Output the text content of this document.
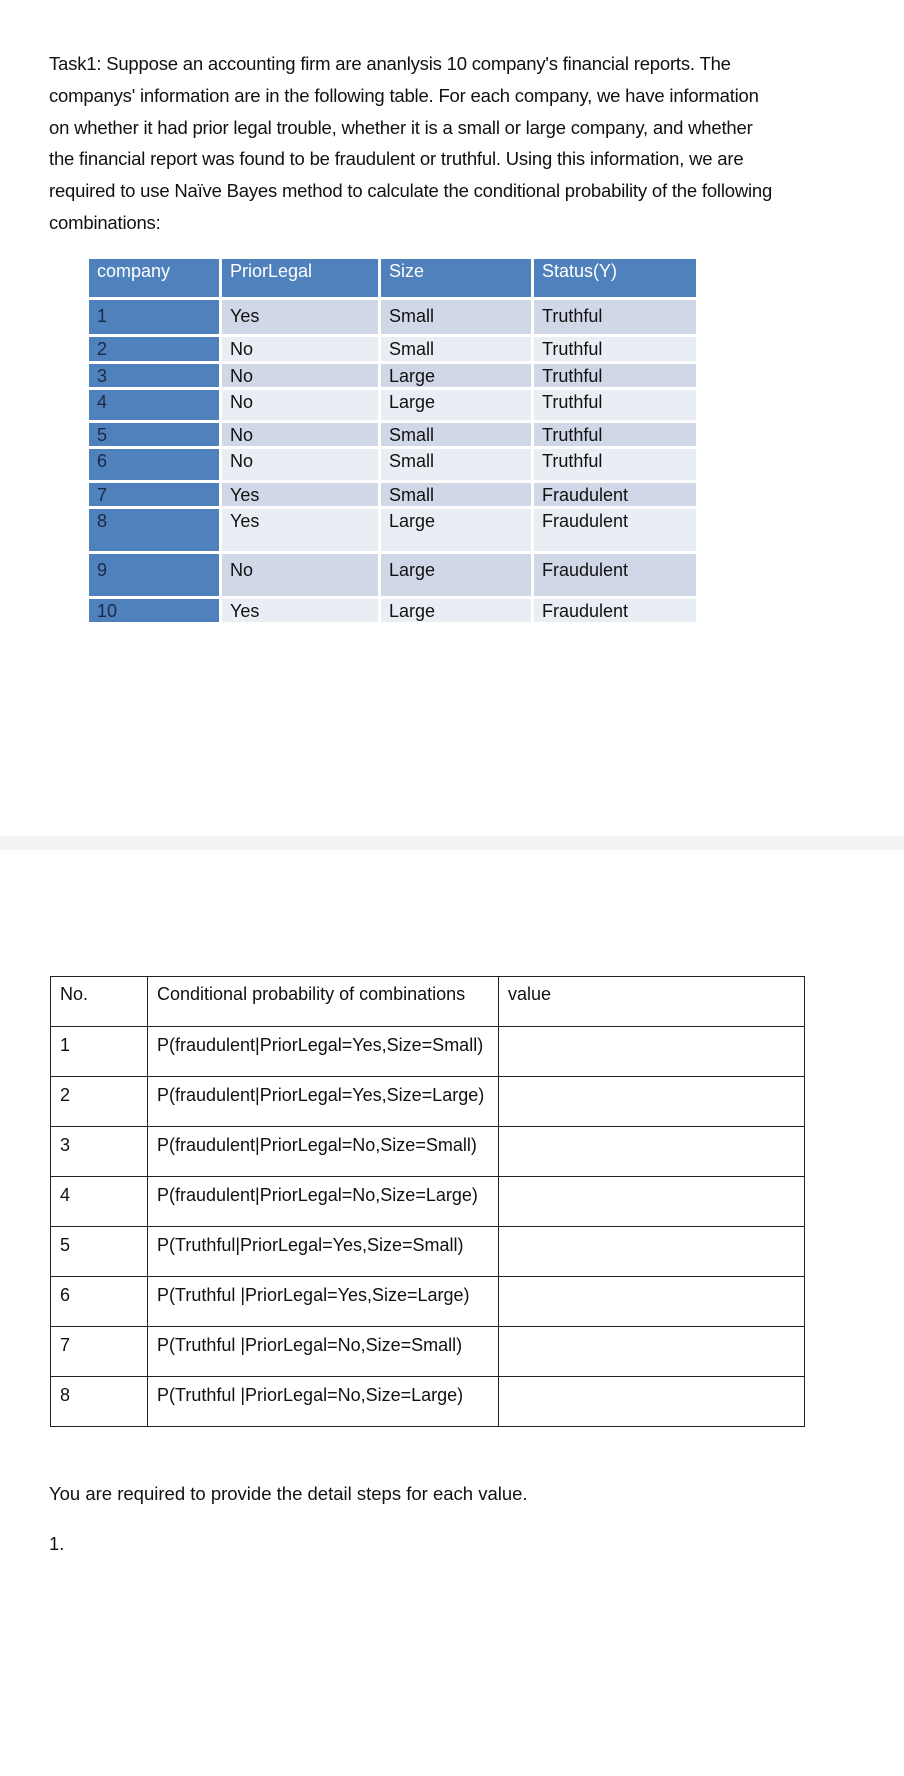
Task1: Suppose an accounting firm are ananlysis 10 company's financial reports. The

companys' information are in the following table. For each company, we have information

on whether it had prior legal trouble, whether it is a small or large company, and whether

the financial report was found to be fraudulent or truthful. Using this information, we are

required to use Naïve Bayes method to calculate the conditional probability of the following

combinations:

company	PriorLegal	Size	Status(Y)
1	Yes	Small	Truthful
2	No	Small	Truthful
3	No	Large	Truthful
4	No	Large	Truthful
5	No	Small	Truthful
6	No	Small	Truthful
7	Yes	Small	Fraudulent
8	Yes	Large	Fraudulent
9	No	Large	Fraudulent
10	Yes	Large	Fraudulent
No.	Conditional probability of combinations	value
1	P(fraudulent|PriorLegal=Yes,Size=Small)	
2	P(fraudulent|PriorLegal=Yes,Size=Large)	
3	P(fraudulent|PriorLegal=No,Size=Small)	
4	P(fraudulent|PriorLegal=No,Size=Large)	
5	P(Truthful|PriorLegal=Yes,Size=Small)	
6	P(Truthful |PriorLegal=Yes,Size=Large)	
7	P(Truthful |PriorLegal=No,Size=Small)	
8	P(Truthful |PriorLegal=No,Size=Large)	

You are required to provide the detail steps for each value.

1.
